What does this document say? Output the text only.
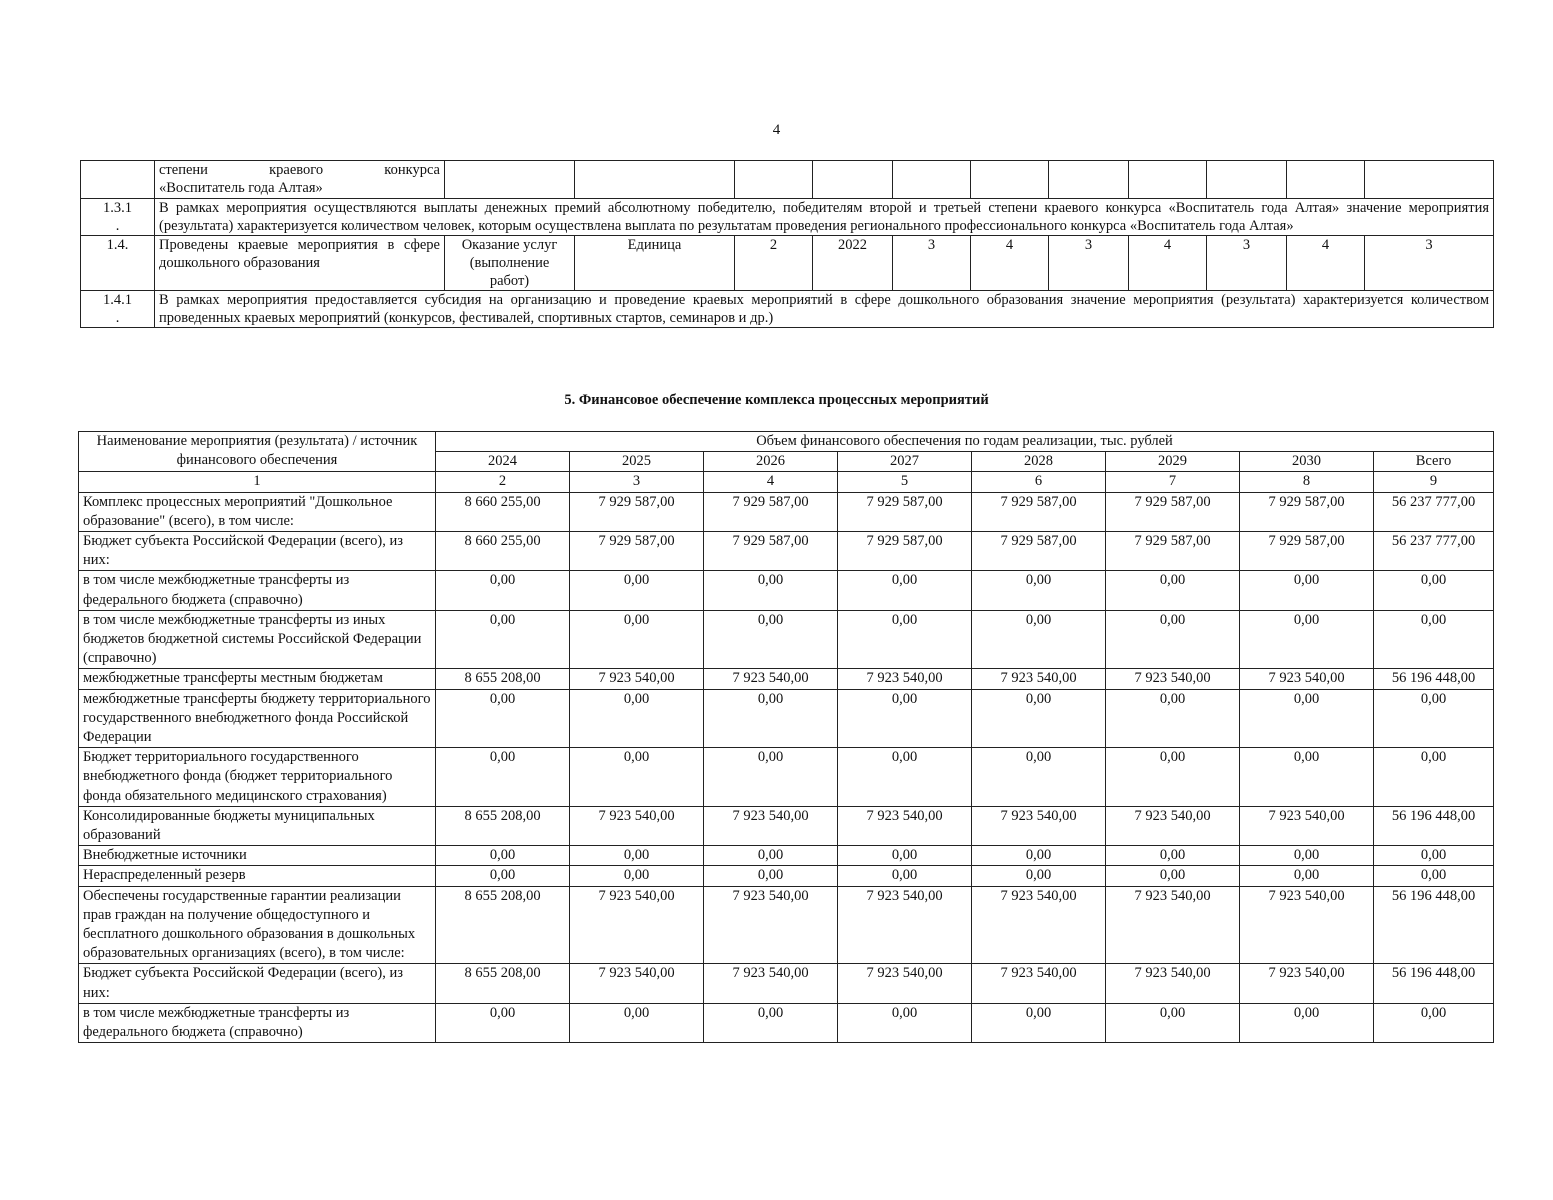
4

	степени краевого конкурса
«Воспитатель года Алтая»											

1.3.1
.	В рамках мероприятия осуществляются выплаты денежных премий абсолютному победителю, победителям второй и третьей степени краевого конкурса «Воспитатель года Алтая» значение мероприятия (результата) характеризуется количеством человек, которым осуществлена выплата по результатам проведения регионального профессионального конкурса «Воспитатель года Алтая»											
1.4.	Проведены краевые мероприятия в сфере дошкольного образования	Оказание услуг (выполнение работ)	Единица	2	2022	3	4	3	4	3	4	3

1.4.1
.	В рамках мероприятия предоставляется субсидия на организацию и проведение краевых мероприятий в сфере дошкольного образования значение мероприятия (результата) характеризуется количеством проведенных краевых мероприятий (конкурсов, фестивалей, спортивных стартов, семинаров и др.)											
5. Финансовое обеспечение комплекса процессных мероприятий
Наименование мероприятия (результата) / источник финансового обеспечения	Объем финансового обеспечения по годам реализации, тыс. рублей							
	2024	2025	2026	2027	2028	2029	2030	Всего
1	2	3	4	5	6	7	8	9
Комплекс процессных мероприятий "Дошкольное образование" (всего), в том числе:	8 660 255,00	7 929 587,00	7 929 587,00	7 929 587,00	7 929 587,00	7 929 587,00	7 929 587,00	56 237 777,00
Бюджет субъекта Российской Федерации (всего), из них:	8 660 255,00	7 929 587,00	7 929 587,00	7 929 587,00	7 929 587,00	7 929 587,00	7 929 587,00	56 237 777,00
в том числе межбюджетные трансферты из федерального бюджета (справочно)	0,00	0,00	0,00	0,00	0,00	0,00	0,00	0,00
в том числе межбюджетные трансферты из иных бюджетов бюджетной системы Российской Федерации (справочно)	0,00	0,00	0,00	0,00	0,00	0,00	0,00	0,00
межбюджетные трансферты местным бюджетам	8 655 208,00	7 923 540,00	7 923 540,00	7 923 540,00	7 923 540,00	7 923 540,00	7 923 540,00	56 196 448,00
межбюджетные трансферты бюджету территориального государственного внебюджетного фонда Российской Федерации	0,00	0,00	0,00	0,00	0,00	0,00	0,00	0,00
Бюджет территориального государственного внебюджетного фонда (бюджет территориального фонда обязательного медицинского страхования)	0,00	0,00	0,00	0,00	0,00	0,00	0,00	0,00
Консолидированные бюджеты муниципальных образований	8 655 208,00	7 923 540,00	7 923 540,00	7 923 540,00	7 923 540,00	7 923 540,00	7 923 540,00	56 196 448,00
Внебюджетные источники	0,00	0,00	0,00	0,00	0,00	0,00	0,00	0,00
Нераспределенный резерв	0,00	0,00	0,00	0,00	0,00	0,00	0,00	0,00
Обеспечены государственные гарантии реализации прав граждан на получение общедоступного и бесплатного дошкольного образования в дошкольных образовательных организациях (всего), в том числе:	8 655 208,00	7 923 540,00	7 923 540,00	7 923 540,00	7 923 540,00	7 923 540,00	7 923 540,00	56 196 448,00
Бюджет субъекта Российской Федерации (всего), из них:	8 655 208,00	7 923 540,00	7 923 540,00	7 923 540,00	7 923 540,00	7 923 540,00	7 923 540,00	56 196 448,00
в том числе межбюджетные трансферты из федерального бюджета (справочно)	0,00	0,00	0,00	0,00	0,00	0,00	0,00	0,00
